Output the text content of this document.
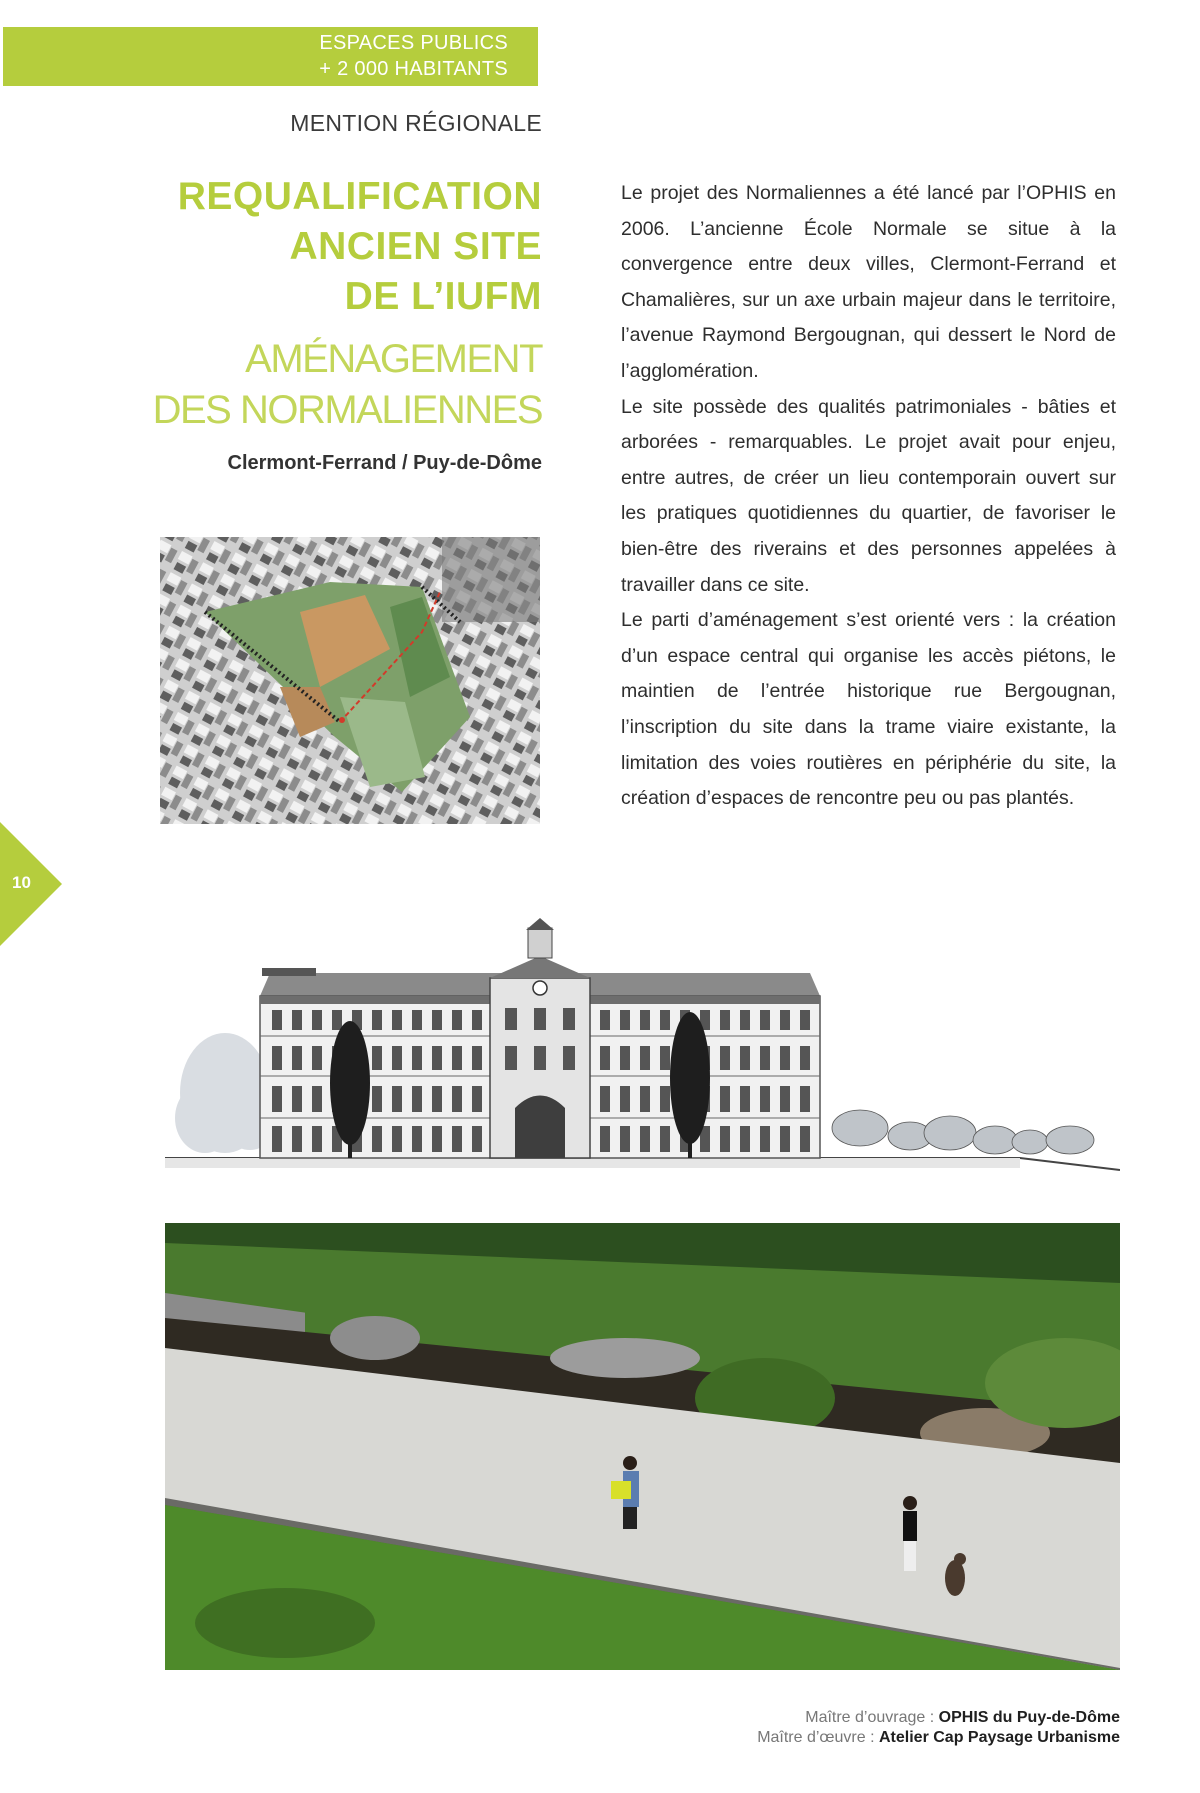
ESPACES PUBLICS
+ 2 000 HABITANTS
MENTION RÉGIONALE
REQUALIFICATION
ANCIEN SITE
DE L’IUFM
AMÉNAGEMENT
DES NORMALIENNES
Clermont-Ferrand / Puy-de-Dôme

Le projet des Normaliennes a été lancé par l’OPHIS en 2006. L’ancienne École Normale se situe à la convergence entre deux villes, Clermont-Ferrand et Chamalières, sur un axe urbain majeur dans le territoire, l’avenue Raymond Bergougnan, qui dessert le Nord de l’agglomération.

Le site possède des qualités patrimoniales - bâties et arborées - remarquables. Le projet avait pour enjeu, entre autres, de créer un lieu contemporain ouvert sur les pratiques quotidiennes du quartier, de favoriser le bien-être des riverains et des personnes appelées à travailler dans ce site.

Le parti d’aménagement s’est orienté vers : la création d’un espace central qui organise les accès piétons, le maintien de l’entrée historique rue Bergougnan, l’inscription du site dans la trame viaire existante, la limitation des voies routières en périphérie du site, la création d’espaces de rencontre peu ou pas plantés.

10
Maître d’ouvrage : OPHIS du Puy-de-Dôme
Maître d’œuvre : Atelier Cap Paysage Urbanisme
